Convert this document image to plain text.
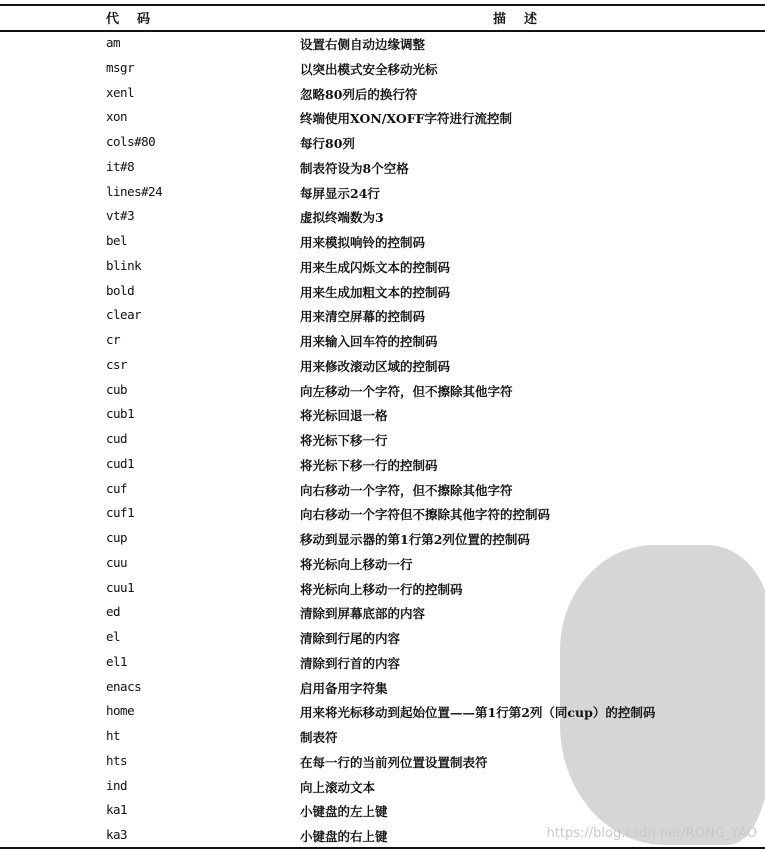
代码	描述
am	设置右侧自动边缘调整
msgr	以突出模式安全移动光标
xenl	忽略80列后的换行符
xon	终端使用XON/XOFF字符进行流控制
cols#80	每行80列
it#8	制表符设为8个空格
lines#24	每屏显示24行
vt#3	虚拟终端数为3
bel	用来模拟响铃的控制码
blink	用来生成闪烁文本的控制码
bold	用来生成加粗文本的控制码
clear	用来清空屏幕的控制码
cr	用来输入回车符的控制码
csr	用来修改滚动区域的控制码
cub	向左移动一个字符，但不擦除其他字符
cub1	将光标回退一格
cud	将光标下移一行
cud1	将光标下移一行的控制码
cuf	向右移动一个字符，但不擦除其他字符
cuf1	向右移动一个字符但不擦除其他字符的控制码
cup	移动到显示器的第1行第2列位置的控制码
cuu	将光标向上移动一行
cuu1	将光标向上移动一行的控制码
ed	清除到屏幕底部的内容
el	清除到行尾的内容
el1	清除到行首的内容
enacs	启用备用字符集
home	用来将光标移动到起始位置——第1行第2列（同cup）的控制码
ht	制表符
hts	在每一行的当前列位置设置制表符
ind	向上滚动文本
ka1	小键盘的左上键
ka3	小键盘的右上键	https://blog.csdn.net/RONG_YAO
